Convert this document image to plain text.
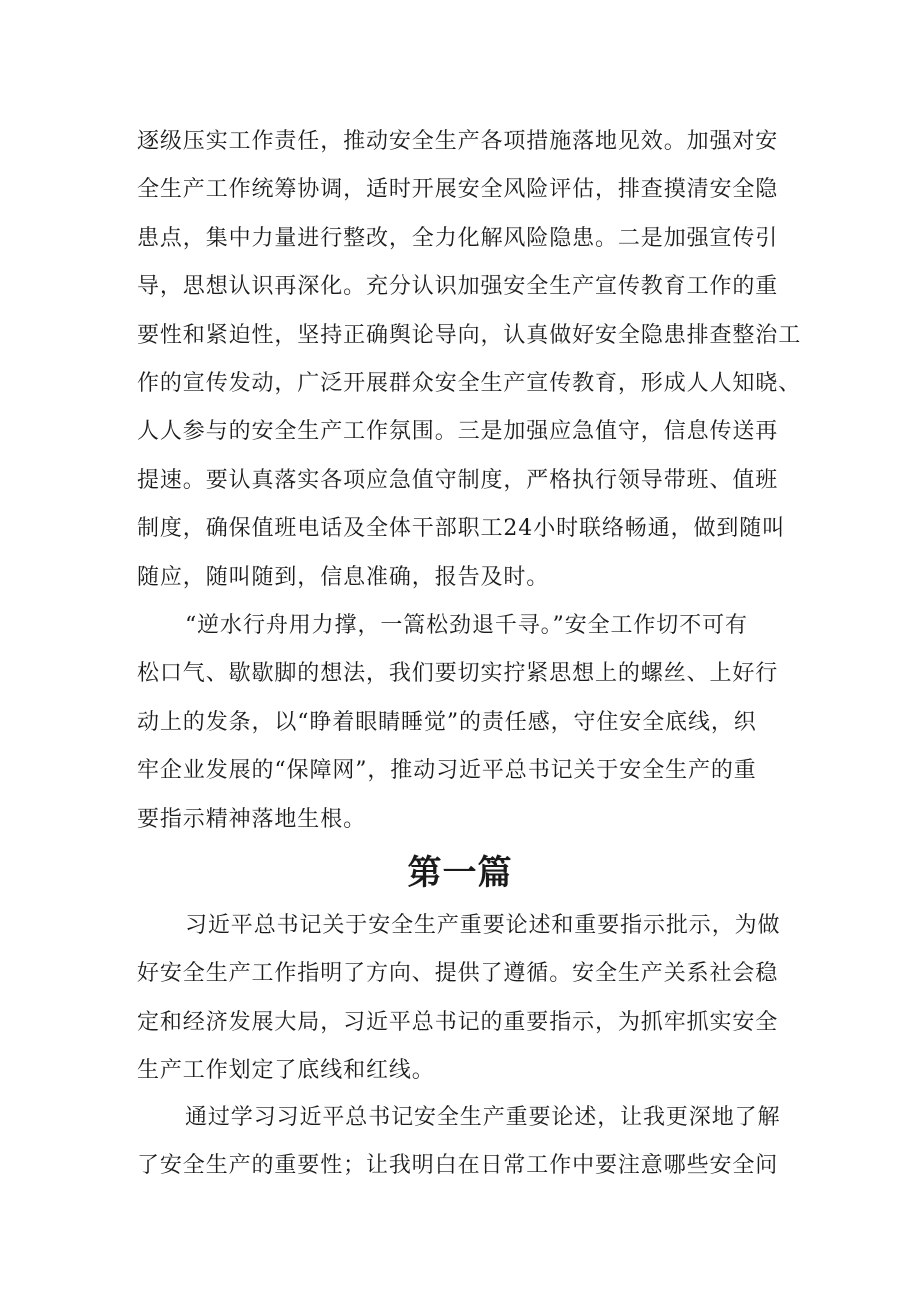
逐级压实工作责任，推动安全生产各项措施落地见效。加强对安
全生产工作统筹协调，适时开展安全风险评估，排查摸清安全隐
患点，集中力量进行整改，全力化解风险隐患。二是加强宣传引
导，思想认识再深化。充分认识加强安全生产宣传教育工作的重
要性和紧迫性，坚持正确舆论导向，认真做好安全隐患排查整治工
作的宣传发动，广泛开展群众安全生产宣传教育，形成人人知晓、
人人参与的安全生产工作氛围。三是加强应急值守，信息传送再
提速。要认真落实各项应急值守制度，严格执行领导带班、值班
制度，确保值班电话及全体干部职工24小时联络畅通，做到随叫
随应，随叫随到，信息准确，报告及时。
“逆水行舟用力撑，一篙松劲退千寻。”安全工作切不可有
松口气、歇歇脚的想法，我们要切实拧紧思想上的螺丝、上好行
动上的发条，以“睁着眼睛睡觉”的责任感，守住安全底线，织
牢企业发展的“保障网”，推动习近平总书记关于安全生产的重
要指示精神落地生根。
第一篇
习近平总书记关于安全生产重要论述和重要指示批示，为做
好安全生产工作指明了方向、提供了遵循。安全生产关系社会稳
定和经济发展大局，习近平总书记的重要指示，为抓牢抓实安全
生产工作划定了底线和红线。
通过学习习近平总书记安全生产重要论述，让我更深地了解
了安全生产的重要性；让我明白在日常工作中要注意哪些安全问
